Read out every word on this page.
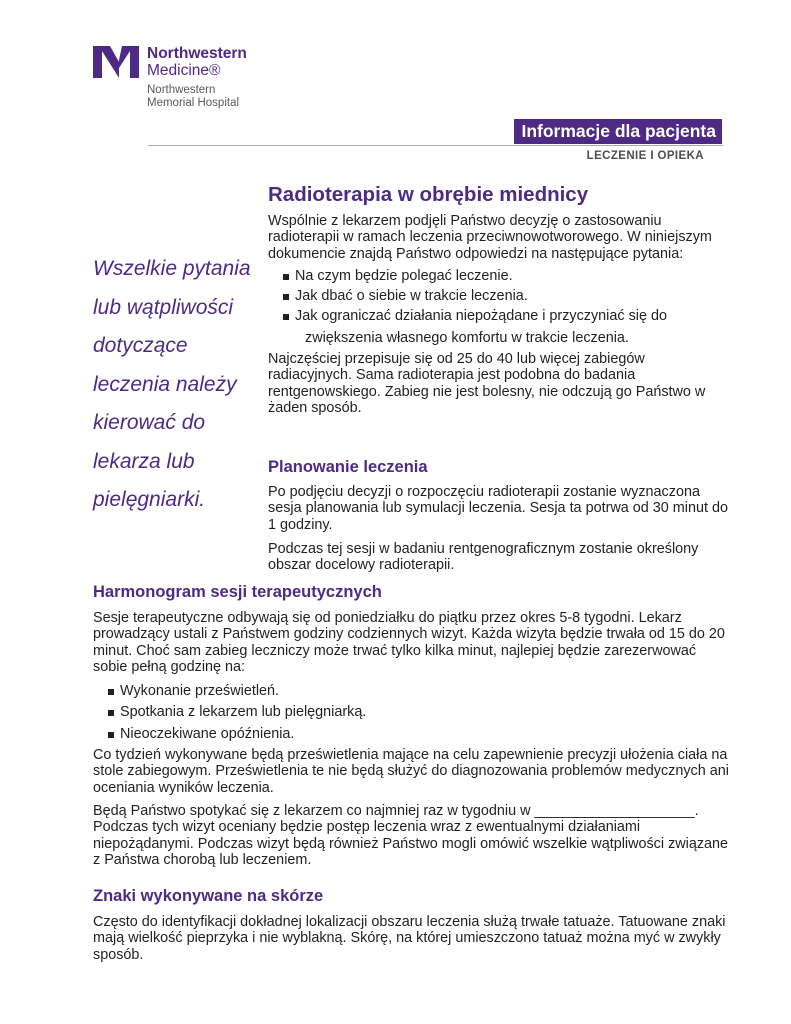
Northwestern
Medicine®
Northwestern
Memorial Hospital
Informacje dla pacjenta
LECZENIE I OPIEKA

Wszelkie pytania lub wątpliwości dotyczące leczenia należy kierować do lekarza lub pielęgniarki.

Radioterapia w obrębie miednicy

Wspólnie z lekarzem podjęli Państwo decyzję o zastosowaniu radioterapii w ramach leczenia przeciwnowotworowego. W niniejszym dokumencie znajdą Państwo odpowiedzi na następujące pytania:

Na czym będzie polegać leczenie.
Jak dbać o siebie w trakcie leczenia.
Jak ograniczać działania niepożądane i przyczyniać się do
zwiększenia własnego komfortu w trakcie leczenia.

Najczęściej przepisuje się od 25 do 40 lub więcej zabiegów radiacyjnych. Sama radioterapia jest podobna do badania rentgenowskiego. Zabieg nie jest bolesny, nie odczują go Państwo w żaden sposób.

Planowanie leczenia

Po podjęciu decyzji o rozpoczęciu radioterapii zostanie wyznaczona sesja planowania lub symulacji leczenia. Sesja ta potrwa od 30 minut do 1 godziny.

Podczas tej sesji w badaniu rentgenograficznym zostanie określony obszar docelowy radioterapii.

Harmonogram sesji terapeutycznych

Sesje terapeutyczne odbywają się od poniedziałku do piątku przez okres 5-8 tygodni. Lekarz prowadzący ustali z Państwem godziny codziennych wizyt. Każda wizyta będzie trwała od 15 do 20 minut. Choć sam zabieg leczniczy może trwać tylko kilka minut, najlepiej będzie zarezerwować sobie pełną godzinę na:

Wykonanie prześwietleń.
Spotkania z lekarzem lub pielęgniarką.
Nieoczekiwane opóźnienia.

Co tydzień wykonywane będą prześwietlenia mające na celu zapewnienie precyzji ułożenia ciała na stole zabiegowym. Prześwietlenia te nie będą służyć do diagnozowania problemów medycznych ani oceniania wyników leczenia.

Będą Państwo spotykać się z lekarzem co najmniej raz w tygodniu w ____________________. Podczas tych wizyt oceniany będzie postęp leczenia wraz z ewentualnymi działaniami niepożądanymi. Podczas wizyt będą również Państwo mogli omówić wszelkie wątpliwości związane z Państwa chorobą lub leczeniem.

Znaki wykonywane na skórze

Często do identyfikacji dokładnej lokalizacji obszaru leczenia służą trwałe tatuaże. Tatuowane znaki mają wielkość pieprzyka i nie wyblakną. Skórę, na której umieszczono tatuaż można myć w zwykły sposób.
